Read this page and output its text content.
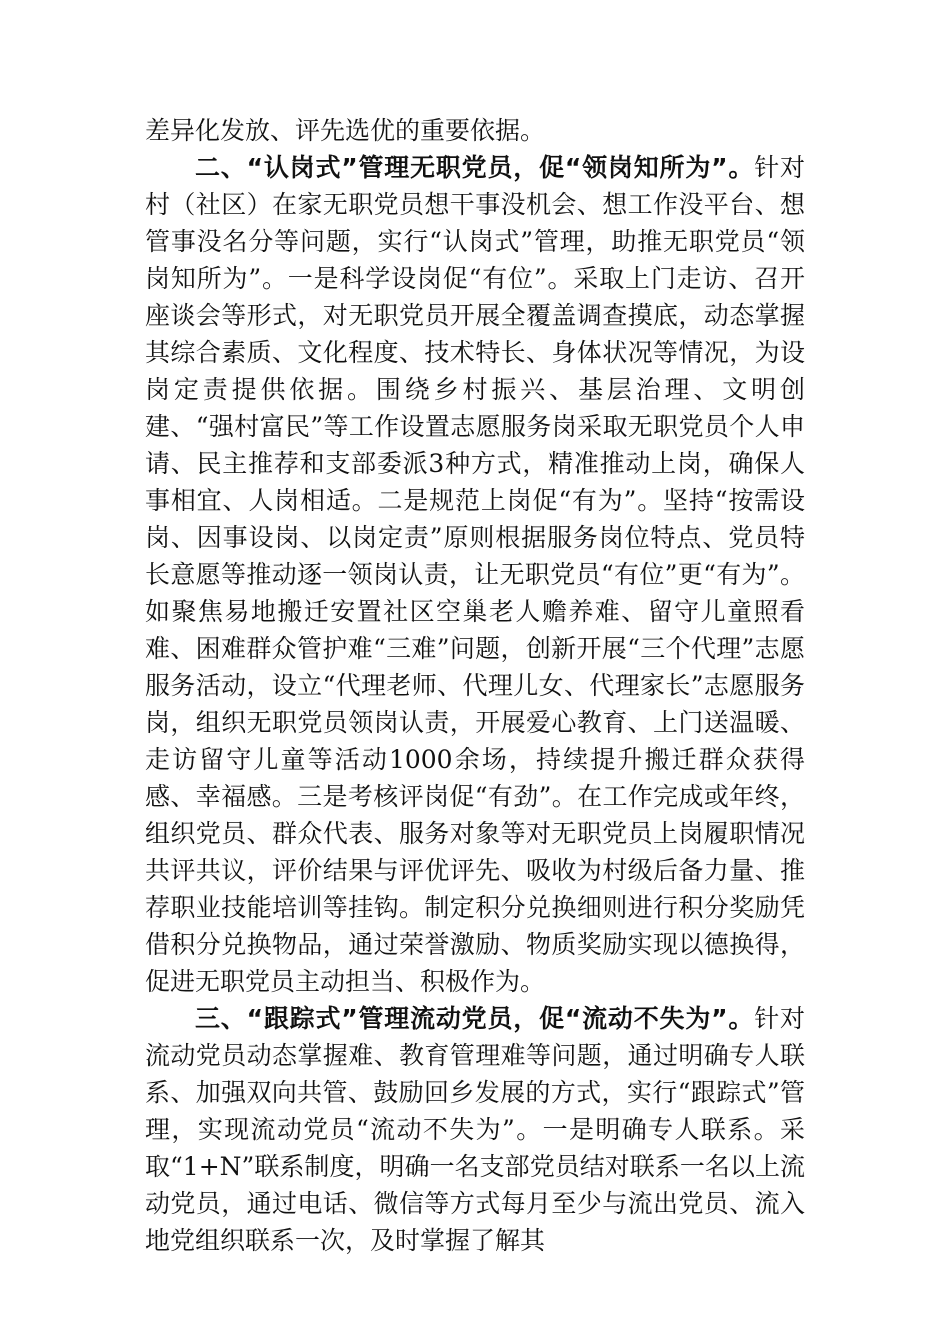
差异化发放、评先选优的重要依据。

二、“认岗式”管理无职党员，促“领岗知所为”。针对村（社区）在家无职党员想干事没机会、想工作没平台、想管事没名分等问题，实行“认岗式”管理，助推无职党员“领岗知所为”。一是科学设岗促“有位”。采取上门走访、召开座谈会等形式，对无职党员开展全覆盖调查摸底，动态掌握其综合素质、文化程度、技术特长、身体状况等情况，为设岗定责提供依据。围绕乡村振兴、基层治理、文明创建、“强村富民”等工作设置志愿服务岗采取无职党员个人申请、民主推荐和支部委派3种方式，精准推动上岗，确保人事相宜、人岗相适。二是规范上岗促“有为”。坚持“按需设岗、因事设岗、以岗定责”原则根据服务岗位特点、党员特长意愿等推动逐一领岗认责，让无职党员“有位”更“有为”。如聚焦易地搬迁安置社区空巢老人赡养难、留守儿童照看难、困难群众管护难“三难”问题，创新开展“三个代理”志愿服务活动，设立“代理老师、代理儿女、代理家长”志愿服务岗，组织无职党员领岗认责，开展爱心教育、上门送温暖、走访留守儿童等活动1000余场，持续提升搬迁群众获得感、幸福感。三是考核评岗促“有劲”。在工作完成或年终，组织党员、群众代表、服务对象等对无职党员上岗履职情况共评共议，评价结果与评优评先、吸收为村级后备力量、推荐职业技能培训等挂钩。制定积分兑换细则进行积分奖励凭借积分兑换物品，通过荣誉激励、物质奖励实现以德换得，促进无职党员主动担当、积极作为。

三、“跟踪式”管理流动党员，促“流动不失为”。针对流动党员动态掌握难、教育管理难等问题，通过明确专人联系、加强双向共管、鼓励回乡发展的方式，实行“跟踪式”管理，实现流动党员“流动不失为”。一是明确专人联系。采取“1+N”联系制度，明确一名支部党员结对联系一名以上流动党员，通过电话、微信等方式每月至少与流出党员、流入地党组织联系一次，及时掌握了解其
